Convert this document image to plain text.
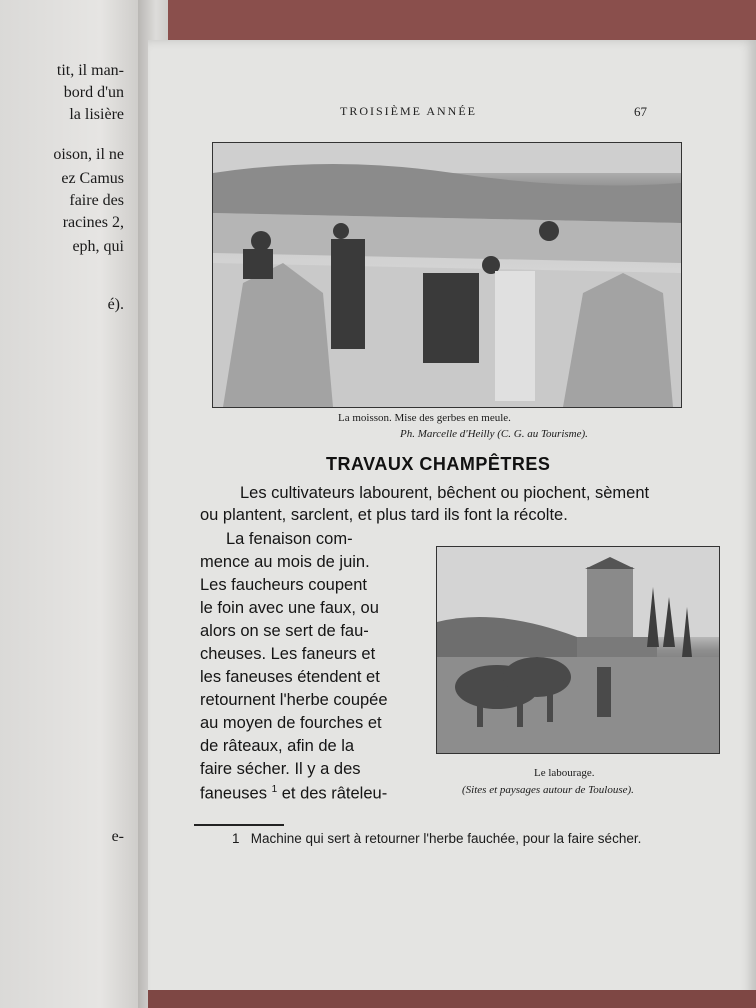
tit, il man-
bord d'un
la lisière
oison, il ne
ez Camus
faire des
racines 2,
eph, qui
é).
e-
TROISIÈME ANNÉE	67
La moisson. Mise des gerbes en meule.
Ph. Marcelle d'Heilly (C. G. au Tourisme).
TRAVAUX CHAMPÊTRES
Les cultivateurs labourent, bêchent ou piochent, sèment
ou plantent, sarclent, et plus tard ils font la récolte.
La fenaison com-
mence au mois de juin.
Les faucheurs coupent
le foin avec une faux, ou
alors on se sert de fau-
cheuses. Les faneurs et
les faneuses étendent et
retournent l'herbe coupée
au moyen de fourches et
de râteaux, afin de la
faire sécher. Il y a des
faneuses $^1$ et des râteleu-
Le labourage.
(Sites et paysages autour de Toulouse).
1 Machine qui sert à retourner l'herbe fauchée, pour la faire sécher.
